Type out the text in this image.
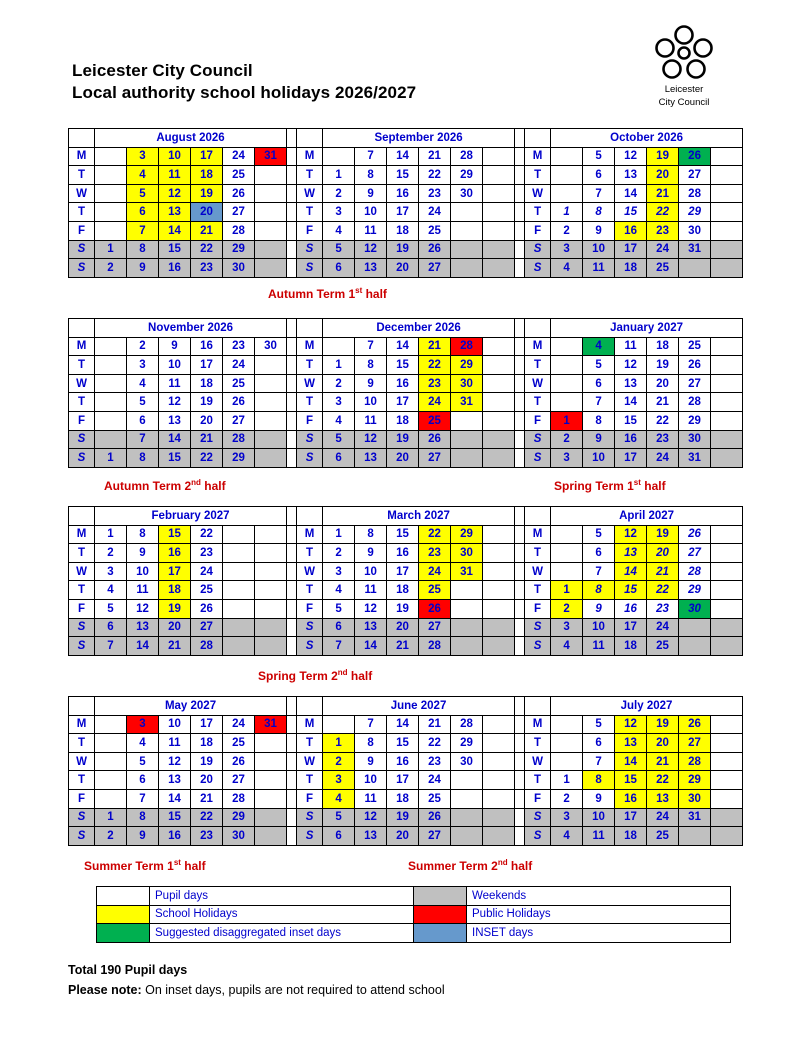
Leicester City Council
Local authority school holidays 2026/2027	Leicester
City Council
	August 2026								September 2026								October 2026					
M		3	10	17	24	31		M		7	14	21	28			M		5	12	19	26	
T		4	11	18	25			T	1	8	15	22	29			T		6	13	20	27	
W		5	12	19	26			W	2	9	16	23	30			W		7	14	21	28	
T		6	13	20	27			T	3	10	17	24				T	1	8	15	22	29	
F		7	14	21	28			F	4	11	18	25				F	2	9	16	23	30	
S	1	8	15	22	29			S	5	12	19	26				S	3	10	17	24	31	
S	2	9	16	23	30			S	6	13	20	27				S	4	11	18	25		
Autumn Term 1st half
	November 2026								December 2026								January 2027					
M		2	9	16	23	30		M		7	14	21	28			M		4	11	18	25	
T		3	10	17	24			T	1	8	15	22	29			T		5	12	19	26	
W		4	11	18	25			W	2	9	16	23	30			W		6	13	20	27	
T		5	12	19	26			T	3	10	17	24	31			T		7	14	21	28	
F		6	13	20	27			F	4	11	18	25				F	1	8	15	22	29	
S		7	14	21	28			S	5	12	19	26				S	2	9	16	23	30	
S	1	8	15	22	29			S	6	13	20	27				S	3	10	17	24	31	
Autumn Term 2nd half	Spring Term 1st half
	February 2027								March 2027								April 2027					
M	1	8	15	22				M	1	8	15	22	29			M		5	12	19	26	
T	2	9	16	23				T	2	9	16	23	30			T		6	13	20	27	
W	3	10	17	24				W	3	10	17	24	31			W		7	14	21	28	
T	4	11	18	25				T	4	11	18	25				T	1	8	15	22	29	
F	5	12	19	26				F	5	12	19	26				F	2	9	16	23	30	
S	6	13	20	27				S	6	13	20	27				S	3	10	17	24		
S	7	14	21	28				S	7	14	21	28				S	4	11	18	25		
Spring Term 2nd half
	May 2027								June 2027								July 2027					
M		3	10	17	24	31		M		7	14	21	28			M		5	12	19	26	
T		4	11	18	25			T	1	8	15	22	29			T		6	13	20	27	
W		5	12	19	26			W	2	9	16	23	30			W		7	14	21	28	
T		6	13	20	27			T	3	10	17	24				T	1	8	15	22	29	
F		7	14	21	28			F	4	11	18	25				F	2	9	16	13	30	
S	1	8	15	22	29			S	5	12	19	26				S	3	10	17	24	31	
S	2	9	16	23	30			S	6	13	20	27				S	4	11	18	25		
Summer Term 1st half	Summer Term 2nd half
	Pupil days		Weekends
	School Holidays		Public Holidays
	Suggested disaggregated inset days		INSET days
Total 190 Pupil days
Please note: On inset days, pupils are not required to attend school
